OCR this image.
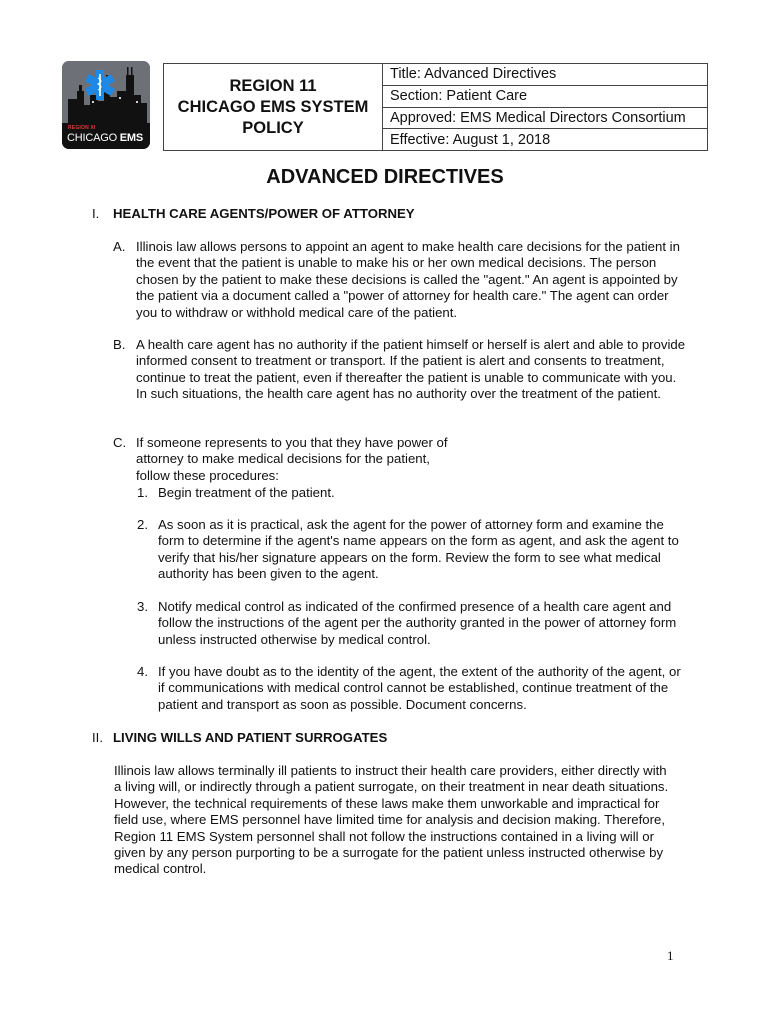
REGION XI
CHICAGO EMS
REGION 11
CHICAGO EMS SYSTEM
POLICY
Title: Advanced Directives
Section: Patient Care
Approved: EMS Medical Directors Consortium
Effective: August 1, 2018
ADVANCED DIRECTIVES
I. HEALTH CARE AGENTS/POWER OF ATTORNEY
A. Illinois law allows persons to appoint an agent to make health care decisions for the patient in the event that the patient is unable to make his or her own medical decisions. The person chosen by the patient to make these decisions is called the "agent." An agent is appointed by the patient via a document called a "power of attorney for health care." The agent can order you to withdraw or withhold medical care of the patient.
B. A health care agent has no authority if the patient himself or herself is alert and able to provide informed consent to treatment or transport. If the patient is alert and consents to treatment, continue to treat the patient, even if thereafter the patient is unable to communicate with you. In such situations, the health care agent has no authority over the treatment of the patient.
C. If someone represents to you that they have power of attorney to make medical decisions for the patient, follow these procedures:
1. Begin treatment of the patient.
2. As soon as it is practical, ask the agent for the power of attorney form and examine the form to determine if the agent's name appears on the form as agent, and ask the agent to verify that his/her signature appears on the form. Review the form to see what medical authority has been given to the agent.
3. Notify medical control as indicated of the confirmed presence of a health care agent and follow the instructions of the agent per the authority granted in the power of attorney form unless instructed otherwise by medical control.
4. If you have doubt as to the identity of the agent, the extent of the authority of the agent, or if communications with medical control cannot be established, continue treatment of the patient and transport as soon as possible. Document concerns.
II. LIVING WILLS AND PATIENT SURROGATES
Illinois law allows terminally ill patients to instruct their health care providers, either directly with a living will, or indirectly through a patient surrogate, on their treatment in near death situations. However, the technical requirements of these laws make them unworkable and impractical for field use, where EMS personnel have limited time for analysis and decision making. Therefore, Region 11 EMS System personnel shall not follow the instructions contained in a living will or given by any person purporting to be a surrogate for the patient unless instructed otherwise by medical control.
1
